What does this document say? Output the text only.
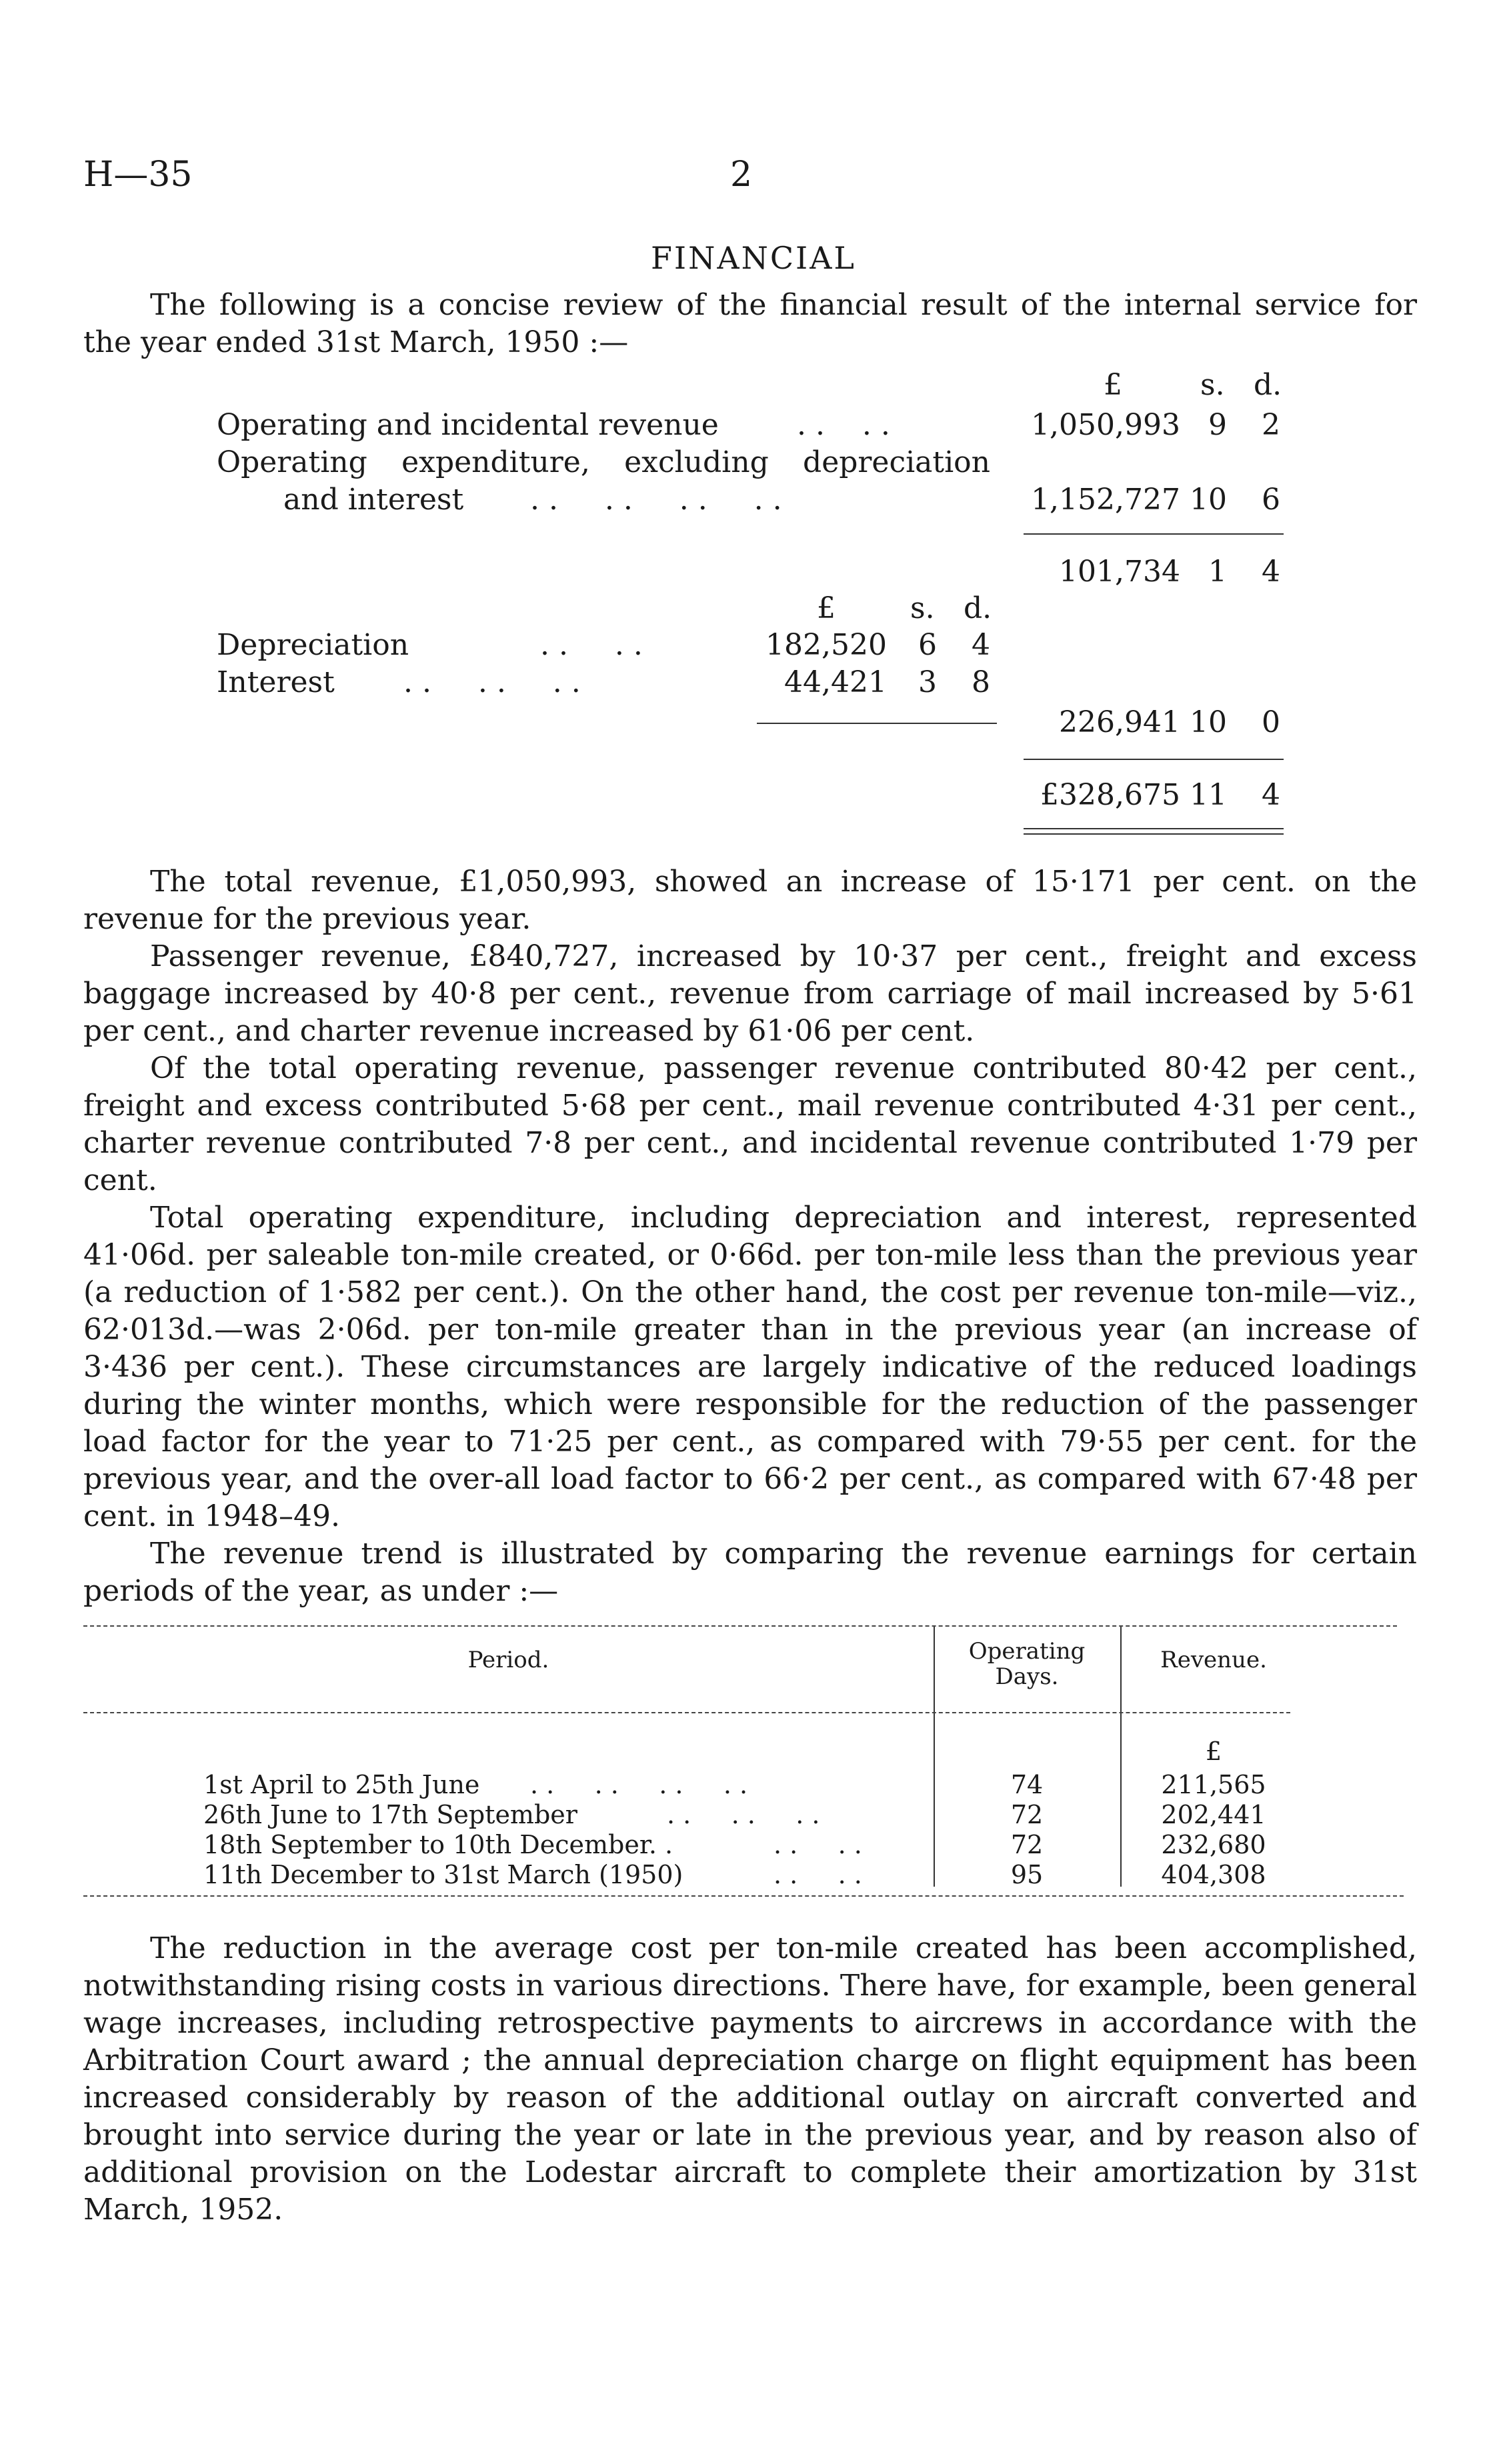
H—35	2
FINANCIAL
The following is a concise review of the financial result of the internal service for the year ended 31st March, 1950 :—
£	s. d.
Operating and incidental revenue	. .    . .	1,050,993 9	2
Operating expenditure, excluding depreciation
and interest . .     . .     . .     . .	1,152,727 10	6
101,734 1	4
£	s. d.
Depreciation	. .     . .	182,520	6	4
Interest . .     . .     . .	44,421	3	8
226,941 10	0
£328,675 11	4
The total revenue, £1,050,993, showed an increase of 15·171 per cent. on the revenue for the previous year.
Passenger revenue, £840,727, increased by 10·37 per cent., freight and excess baggage increased by 40·8 per cent., revenue from carriage of mail increased by 5·61 per cent., and charter revenue increased by 61·06 per cent.
Of the total operating revenue, passenger revenue contributed 80·42 per cent., freight and excess contributed 5·68 per cent., mail revenue contributed 4·31 per cent., charter revenue contributed 7·8 per cent., and incidental revenue contributed 1·79 per cent.
Total operating expenditure, including depreciation and interest, represented 41·06d. per saleable ton-mile created, or 0·66d. per ton-mile less than the previous year (a reduction of 1·582 per cent.). On the other hand, the cost per revenue ton-mile—viz., 62·013d.—was 2·06d. per ton-mile greater than in the previous year (an increase of 3·436 per cent.). These circumstances are largely indicative of the reduced loadings during the winter months, which were responsible for the reduction of the passenger load factor for the year to 71·25 per cent., as compared with 79·55 per cent. for the previous year, and the over-all load factor to 66·2 per cent., as compared with 67·48 per cent. in 1948–49.
The revenue trend is illustrated by comparing the revenue earnings for certain periods of the year, as under :—
Period.	Operating
Days.
Revenue.
£
1st April to 25th June . .     . .     . .     . .	74	211,565
26th June to 17th September	. .     . .     . .	72	202,441
18th September to 10th December. .	. .     . .	72	232,680
11th December to 31st March (1950)	. .     . .	95	404,308
The reduction in the average cost per ton-mile created has been accomplished, notwithstanding rising costs in various directions. There have, for example, been general wage increases, including retrospective payments to aircrews in accordance with the Arbitration Court award ; the annual depreciation charge on flight equipment has been increased considerably by reason of the additional outlay on aircraft converted and brought into service during the year or late in the previous year, and by reason also of additional provision on the Lodestar aircraft to complete their amortization by 31st March, 1952.
